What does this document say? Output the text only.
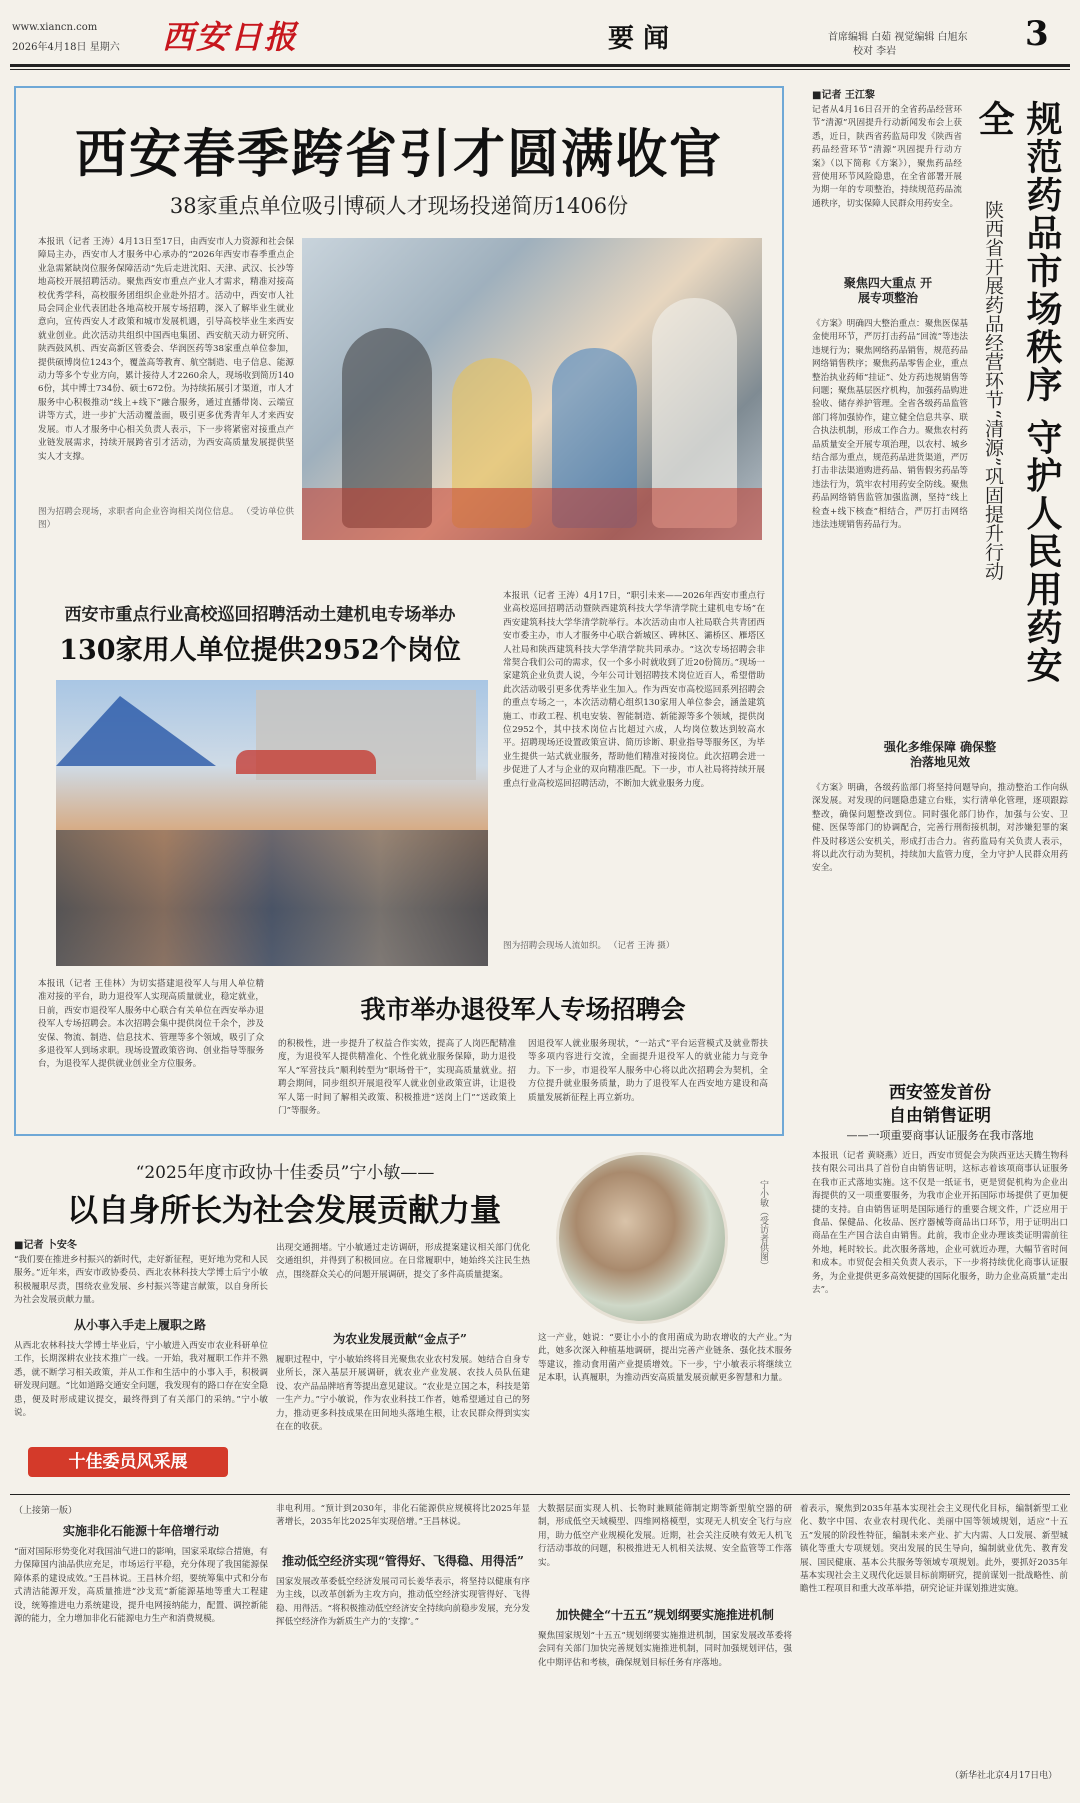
www.xiancn.com
2026年4月18日 星期六 西安日报	要 闻	首席编辑 白茹 视觉编辑 白旭东
校对 李岩	3
西安春季跨省引才圆满收官
38家重点单位吸引博硕人才现场投递简历1406份
本报讯（记者 王涛）4月13日至17日，由西安市人力资源和社会保障局主办，西安市人才服务中心承办的“2026年西安市春季重点企业急需紧缺岗位服务保障活动”先后走进沈阳、天津、武汉、长沙等地高校开展招聘活动。聚焦西安市重点产业人才需求，精准对接高校优秀学科，高校服务团组织企业赴外招才。活动中，西安市人社局会同企业代表团赴各地高校开展专场招聘，深入了解毕业生就业意向，宣传西安人才政策和城市发展机遇，引导高校毕业生来西安就业创业。此次活动共组织中国西电集团、西安航天动力研究所、陕西鼓风机、西安高新区管委会、华润医药等38家重点单位参加，提供硕博岗位1243个，覆盖高等教育、航空制造、电子信息、能源动力等多个专业方向，累计接待人才2260余人，现场收到简历1406份，其中博士734份、硕士672份。为持续拓展引才渠道，市人才服务中心积极推动“线上+线下”融合服务，通过直播带岗、云端宣讲等方式，进一步扩大活动覆盖面，吸引更多优秀青年人才来西安发展。市人才服务中心相关负责人表示，下一步将紧密对接重点产业链发展需求，持续开展跨省引才活动，为西安高质量发展提供坚实人才支撑。
图为招聘会现场，求职者向企业咨询相关岗位信息。 （受访单位供图）
西安市重点行业高校巡回招聘活动土建机电专场举办
130家用人单位提供2952个岗位
本报讯（记者 王涛）4月17日，“职引未来——2026年西安市重点行业高校巡回招聘活动暨陕西建筑科技大学华清学院土建机电专场”在西安建筑科技大学华清学院举行。本次活动由市人社局联合共青团西安市委主办，市人才服务中心联合新城区、碑林区、灞桥区、雁塔区人社局和陕西建筑科技大学华清学院共同承办。“这次专场招聘会非常契合我们公司的需求，仅一个多小时就收到了近20份简历。”现场一家建筑企业负责人说，今年公司计划招聘技术岗位近百人，希望借助此次活动吸引更多优秀毕业生加入。作为西安市高校巡回系列招聘会的重点专场之一，本次活动精心组织130家用人单位参会，涵盖建筑施工、市政工程、机电安装、智能制造、新能源等多个领域，提供岗位2952个，其中技术岗位占比超过六成，人均岗位数达到较高水平。招聘现场还设置政策宣讲、简历诊断、职业指导等服务区，为毕业生提供一站式就业服务，帮助他们精准对接岗位。此次招聘会进一步促进了人才与企业的双向精准匹配。下一步，市人社局将持续开展重点行业高校巡回招聘活动，不断加大就业服务力度。
图为招聘会现场人流如织。 （记者 王涛 摄）
本报讯（记者 王佳林）为切实搭建退役军人与用人单位精准对接的平台，助力退役军人实现高质量就业，稳定就业，日前，西安市退役军人服务中心联合有关单位在西安举办退役军人专场招聘会。本次招聘会集中提供岗位千余个，涉及安保、物流、制造、信息技术、管理等多个领域，吸引了众多退役军人到场求职。现场设置政策咨询、创业指导等服务台，为退役军人提供就业创业全方位服务。
我市举办退役军人专场招聘会
的积极性，进一步提升了权益合作实效，提高了人岗匹配精准度，为退役军人提供精准化、个性化就业服务保障，助力退役军人“军营技兵”顺利转型为“职场骨干”，实现高质量就业。招聘会期间，同步组织开展退役军人就业创业政策宣讲，让退役军人第一时间了解相关政策、积极推进“送岗上门”“送政策上门”等服务。
因退役军人就业服务现状，“一站式”平台运营模式及就业帮扶等多项内容进行交流，全面提升退役军人的就业能力与竞争力。下一步，市退役军人服务中心将以此次招聘会为契机，全方位提升就业服务质量，助力了退役军人在西安地方建设和高质量发展新征程上再立新功。
■记者 王江黎
记者从4月16日召开的全省药品经营环节“清源”巩固提升行动新闻发布会上获悉，近日，陕西省药监局印发《陕西省药品经营环节“清源”巩固提升行动方案》（以下简称《方案》），聚焦药品经营使用环节风险隐患，在全省部署开展为期一年的专项整治，持续规范药品流通秩序，切实保障人民群众用药安全。 规范药品市场秩序 守护人民用药安全
陕西省开展药品经营环节“清源”巩固提升行动
聚焦四大重点 开展专项整治
《方案》明确四大整治重点：聚焦医保基金使用环节，严厉打击药品“回流”等违法违规行为；聚焦网络药品销售，规范药品网络销售秩序；聚焦药品零售企业，重点整治执业药师“挂证”、处方药违规销售等问题；聚焦基层医疗机构，加强药品购进验收、储存养护管理。全省各级药品监管部门将加强协作，建立健全信息共享、联合执法机制，形成工作合力。聚焦农村药品质量安全开展专项治理，以农村、城乡结合部为重点，规范药品进货渠道，严厉打击非法渠道购进药品、销售假劣药品等违法行为，筑牢农村用药安全防线。聚焦药品网络销售监管加强监测，坚持“线上检查+线下核查”相结合，严厉打击网络违法违规销售药品行为。
强化多维保障 确保整治落地见效
《方案》明确，各级药监部门将坚持问题导向，推动整治工作向纵深发展。对发现的问题隐患建立台账，实行清单化管理，逐项跟踪整改，确保问题整改到位。同时强化部门协作，加强与公安、卫健、医保等部门的协调配合，完善行刑衔接机制，对涉嫌犯罪的案件及时移送公安机关，形成打击合力。省药监局有关负责人表示，将以此次行动为契机，持续加大监管力度，全力守护人民群众用药安全。
西安签发首份
自由销售证明
——一项重要商事认证服务在我市落地
本报讯（记者 黄晓燕）近日，西安市贸促会为陕西亚达天腾生物科技有限公司出具了首份自由销售证明，这标志着该项商事认证服务在我市正式落地实施。这不仅是一纸证书，更是贸促机构为企业出海提供的又一项重要服务，为我市企业开拓国际市场提供了更加便捷的支持。自由销售证明是国际通行的重要合规文件，广泛应用于食品、保健品、化妆品、医疗器械等商品出口环节，用于证明出口商品在生产国合法自由销售。此前，我市企业办理该类证明需前往外地，耗时较长。此次服务落地，企业可就近办理，大幅节省时间和成本。市贸促会相关负责人表示，下一步将持续优化商事认证服务，为企业提供更多高效便捷的国际化服务，助力企业高质量“走出去”。
“2025年度市政协十佳委员”宁小敏——
以自身所长为社会发展贡献力量	宁小敏（受访者供图）
■记者 卜安冬
“我们要在推进乡村振兴的新时代，走好新征程，更好地为党和人民服务。”近年来，西安市政协委员、西北农林科技大学博士后宁小敏积极履职尽责，围绕农业发展、乡村振兴等建言献策，以自身所长为社会发展贡献力量。
从小事入手走上履职之路
从西北农林科技大学博士毕业后，宁小敏进入西安市农业科研单位工作，长期深耕农业技术推广一线。一开始，我对履职工作并不熟悉，就不断学习相关政策，并从工作和生活中的小事入手，积极调研发现问题。“比如道路交通安全问题，我发现有的路口存在安全隐患，便及时形成建议提交，最终得到了有关部门的采纳。”宁小敏说。
十佳委员风采展
出现交通拥堵。宁小敏通过走访调研，形成提案建议相关部门优化交通组织，并得到了积极回应。在日常履职中，她始终关注民生热点，围绕群众关心的问题开展调研，提交了多件高质量提案。
为农业发展贡献“金点子”
履职过程中，宁小敏始终将目光聚焦农业农村发展。她结合自身专业所长，深入基层开展调研，就农业产业发展、农技人员队伍建设、农产品品牌培育等提出意见建议。“农业是立国之本，科技是第一生产力。”宁小敏说，作为农业科技工作者，她希望通过自己的努力，推动更多科技成果在田间地头落地生根，让农民群众得到实实在在的收获。
这一产业，她说：“要让小小的食用菌成为助农增收的大产业。”为此，她多次深入种植基地调研，提出完善产业链条、强化技术服务等建议，推动食用菌产业提质增效。下一步，宁小敏表示将继续立足本职，认真履职，为推动西安高质量发展贡献更多智慧和力量。
（上接第一版）
实施非化石能源十年倍增行动
“面对国际形势变化对我国油气进口的影响，国家采取综合措施，有力保障国内油品供应充足，市场运行平稳，充分体现了我国能源保障体系的建设成效。”王昌林说。王昌林介绍，要统筹集中式和分布式清洁能源开发，高质量推进”沙戈荒“新能源基地等重大工程建设，统筹推进电力系统建设，提升电网接纳能力，配置、调控新能源的能力，全力增加非化石能源电力生产和消费规模。
非电利用。“预计到2030年，非化石能源供应规模将比2025年显著增长，2035年比2025年实现倍增。”王昌林说。
推动低空经济实现“管得好、飞得稳、用得活”
国家发展改革委低空经济发展司司长姜华表示，将坚持以健康有序为主线，以改革创新为主攻方向，推动低空经济实现管得好、飞得稳、用得活。“将积极推动低空经济安全持续向前稳步发展，充分发挥低空经济作为新质生产力的‘支撑’。”
大数据层面实现人机、长物时兼顾能筛制定期等新型航空器的研制，形成低空天域模型、四维网格模型，实现无人机安全飞行与应用，助力低空产业规模化发展。近期，社会关注反映有效无人机飞行活动事故的问题，积极推进无人机相关法规、安全监管等工作落实。
加快健全“十五五”规划纲要实施推进机制
聚焦国家规划“十五五”规划纲要实施推进机制，国家发展改革委将会同有关部门加快完善规划实施推进机制，同时加强规划评估，强化中期评估和考核，确保规划目标任务有序落地。
着表示，聚焦到2035年基本实现社会主义现代化目标，编制新型工业化、数字中国、农业农村现代化、美丽中国等领域规划，适应“十五五”发展的阶段性特征，编制未来产业、扩大内需、人口发展、新型城镇化等重大专项规划。突出发展的民生导向，编制就业优先、教育发展、国民健康、基本公共服务等领域专项规划。此外，要抓好2035年基本实现社会主义现代化远景目标前期研究，提前谋划一批战略性、前瞻性工程项目和重大改革举措，研究论证并谋划推进实施。
（新华社北京4月17日电）
